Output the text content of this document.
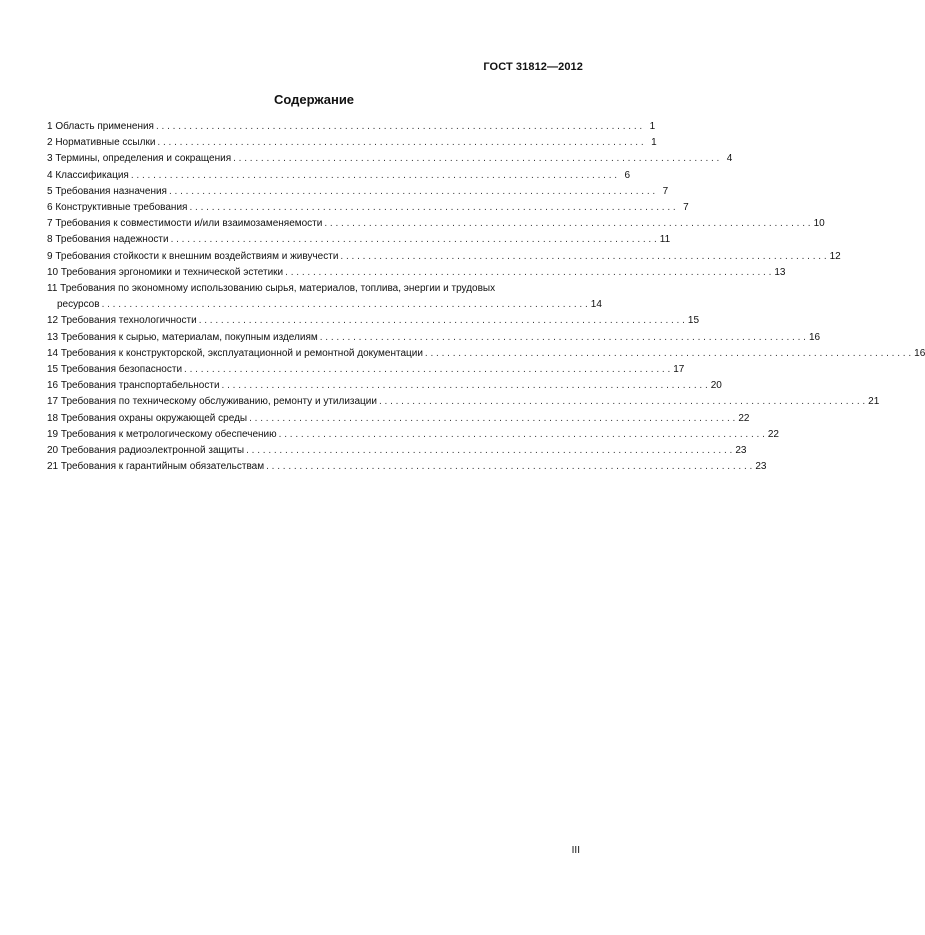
ГОСТ 31812—2012
Содержание
1 Область применения . . .	1
2 Нормативные ссылки . . .	1
3 Термины, определения и сокращения . . .	4
4 Классификация . . .	6
5 Требования назначения . . .	7
6 Конструктивные требования . . .	7
7 Требования к совместимости и/или взаимозаменяемости . . .	10
8 Требования надежности . . .	11
9 Требования стойкости к внешним воздействиям и живучести . . .	12
10 Требования эргономики и технической эстетики . . .	13
11 Требования по экономному использованию сырья, материалов, топлива, энергии и трудовых
ресурсов . . .	14
12 Требования технологичности . . .	15
13 Требования к сырью, материалам, покупным изделиям . . .	16
14 Требования к конструкторской, эксплуатационной и ремонтной документации . . .	16
15 Требования безопасности . . .	17
16 Требования транспортабельности . . .	20
17 Требования по техническому обслуживанию, ремонту и утилизации . . .	21
18 Требования охраны окружающей среды . . .	22
19 Требования к метрологическому обеспечению . . .	22
20 Требования радиоэлектронной защиты . . .	23
21 Требования к гарантийным обязательствам . . .	23
III
